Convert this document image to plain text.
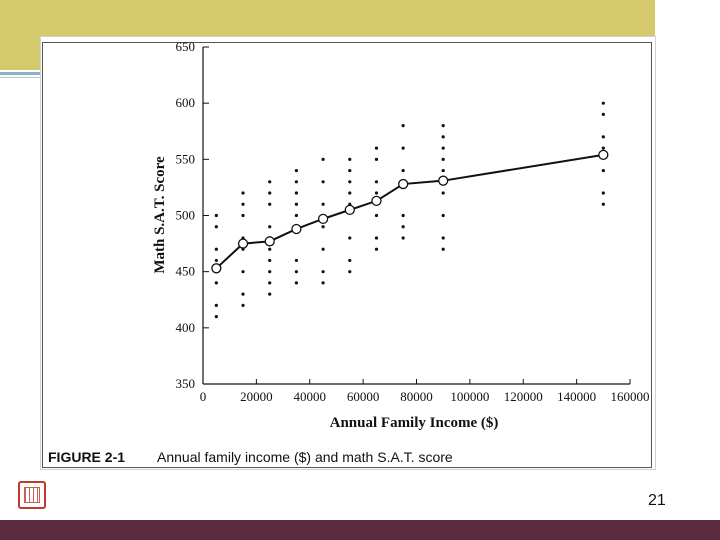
0	20000 40000 60000 80000 100000 120000 140000 160000
350
400
450
500
550
600
650
Annual Family Income ($)
Math S.A.T. Score
FIGURE 2-1 Annual family income ($) and math S.A.T. score
21
